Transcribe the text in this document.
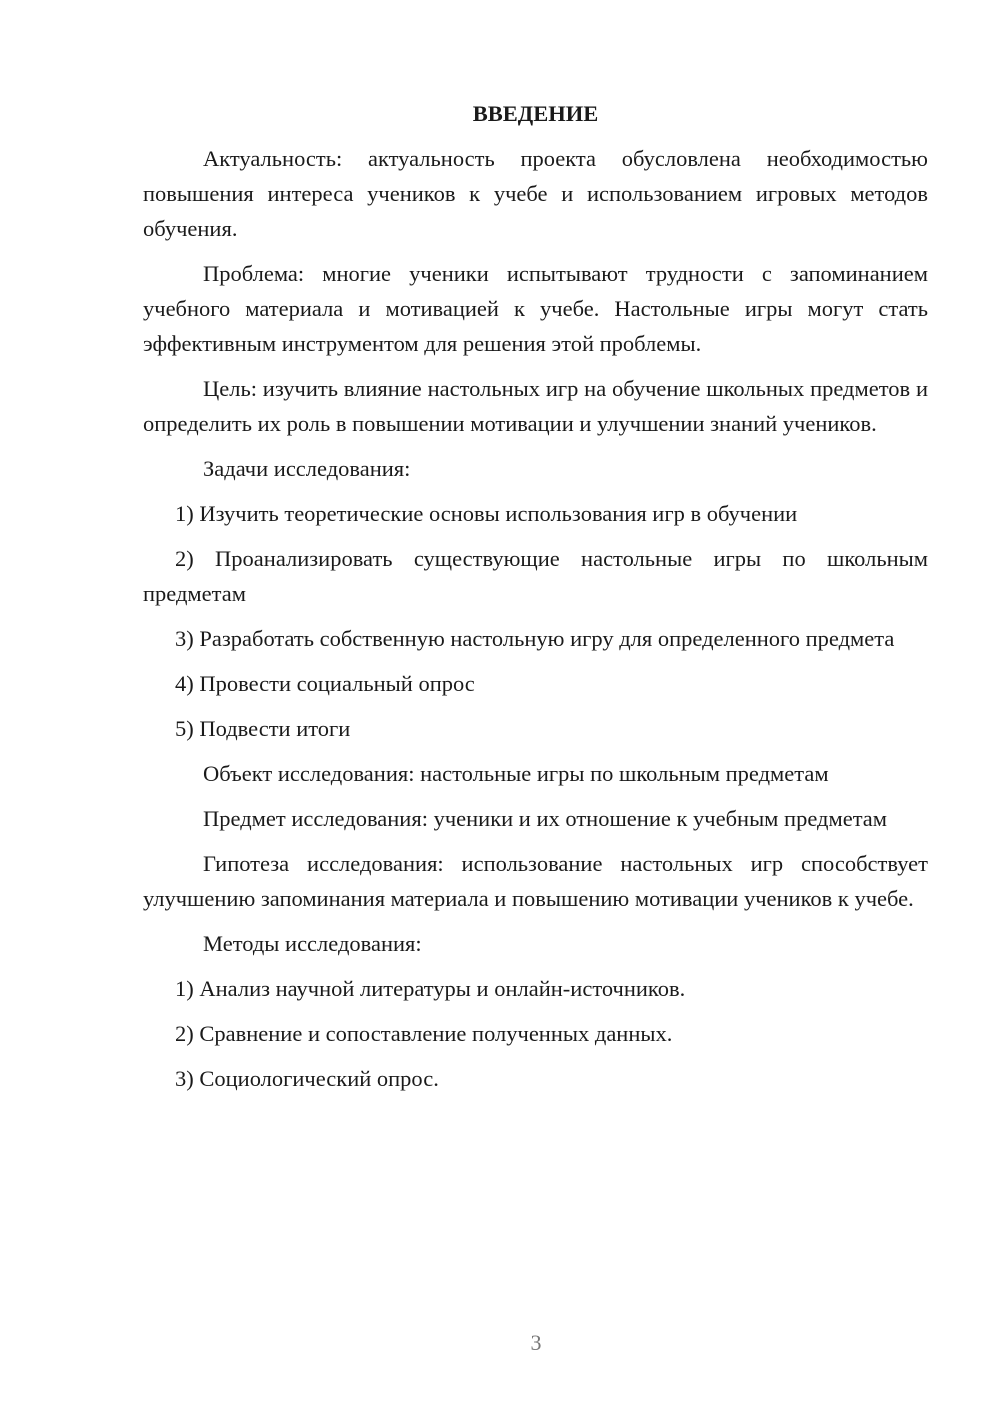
ВВЕДЕНИЕ
Актуальность: актуальность проекта обусловлена необходимостью повышения интереса учеников к учебе и использованием игровых методов обучения.
Проблема: многие ученики испытывают трудности с запоминанием учебного материала и мотивацией к учебе. Настольные игры могут стать эффективным инструментом для решения этой проблемы.
Цель: изучить влияние настольных игр на обучение школьных предметов и определить их роль в повышении мотивации и улучшении знаний учеников.
Задачи исследования:
1) Изучить теоретические основы использования игр в обучении
2) Проанализировать существующие настольные игры по школьным предметам
3) Разработать собственную настольную игру для определенного предмета
4) Провести социальный опрос
5) Подвести итоги
Объект исследования: настольные игры по школьным предметам
Предмет исследования: ученики и их отношение к учебным предметам
Гипотеза исследования: использование настольных игр способствует улучшению запоминания материала и повышению мотивации учеников к учебе.
Методы исследования:
1) Анализ научной литературы и онлайн-источников.
2) Сравнение и сопоставление полученных данных.
3) Социологический опрос.
3
